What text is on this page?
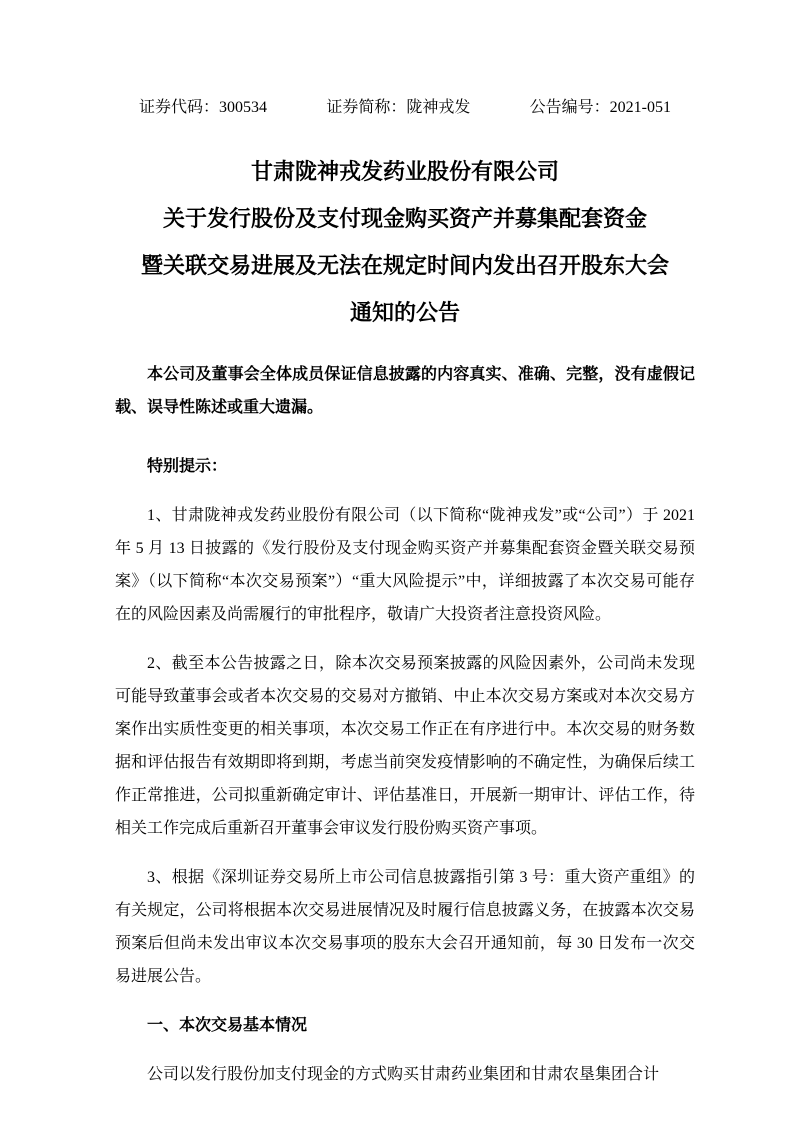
证券代码：300534	证券简称：陇神戎发	公告编号：2021-051
甘肃陇神戎发药业股份有限公司
关于发行股份及支付现金购买资产并募集配套资金
暨关联交易进展及无法在规定时间内发出召开股东大会
通知的公告

本公司及董事会全体成员保证信息披露的内容真实、准确、完整，没有虚假记载、误导性陈述或重大遗漏。

特别提示：

1、甘肃陇神戎发药业股份有限公司（以下简称“陇神戎发”或“公司”）于 2021 年 5 月 13 日披露的《发行股份及支付现金购买资产并募集配套资金暨关联交易预案》（以下简称“本次交易预案”）“重大风险提示”中，详细披露了本次交易可能存在的风险因素及尚需履行的审批程序，敬请广大投资者注意投资风险。

2、截至本公告披露之日，除本次交易预案披露的风险因素外，公司尚未发现可能导致董事会或者本次交易的交易对方撤销、中止本次交易方案或对本次交易方案作出实质性变更的相关事项，本次交易工作正在有序进行中。本次交易的财务数据和评估报告有效期即将到期，考虑当前突发疫情影响的不确定性，为确保后续工作正常推进，公司拟重新确定审计、评估基准日，开展新一期审计、评估工作，待相关工作完成后重新召开董事会审议发行股份购买资产事项。

3、根据《深圳证券交易所上市公司信息披露指引第 3 号：重大资产重组》的有关规定，公司将根据本次交易进展情况及时履行信息披露义务，在披露本次交易预案后但尚未发出审议本次交易事项的股东大会召开通知前，每 30 日发布一次交易进展公告。

一、本次交易基本情况

公司以发行股份加支付现金的方式购买甘肃药业集团和甘肃农垦集团合计
